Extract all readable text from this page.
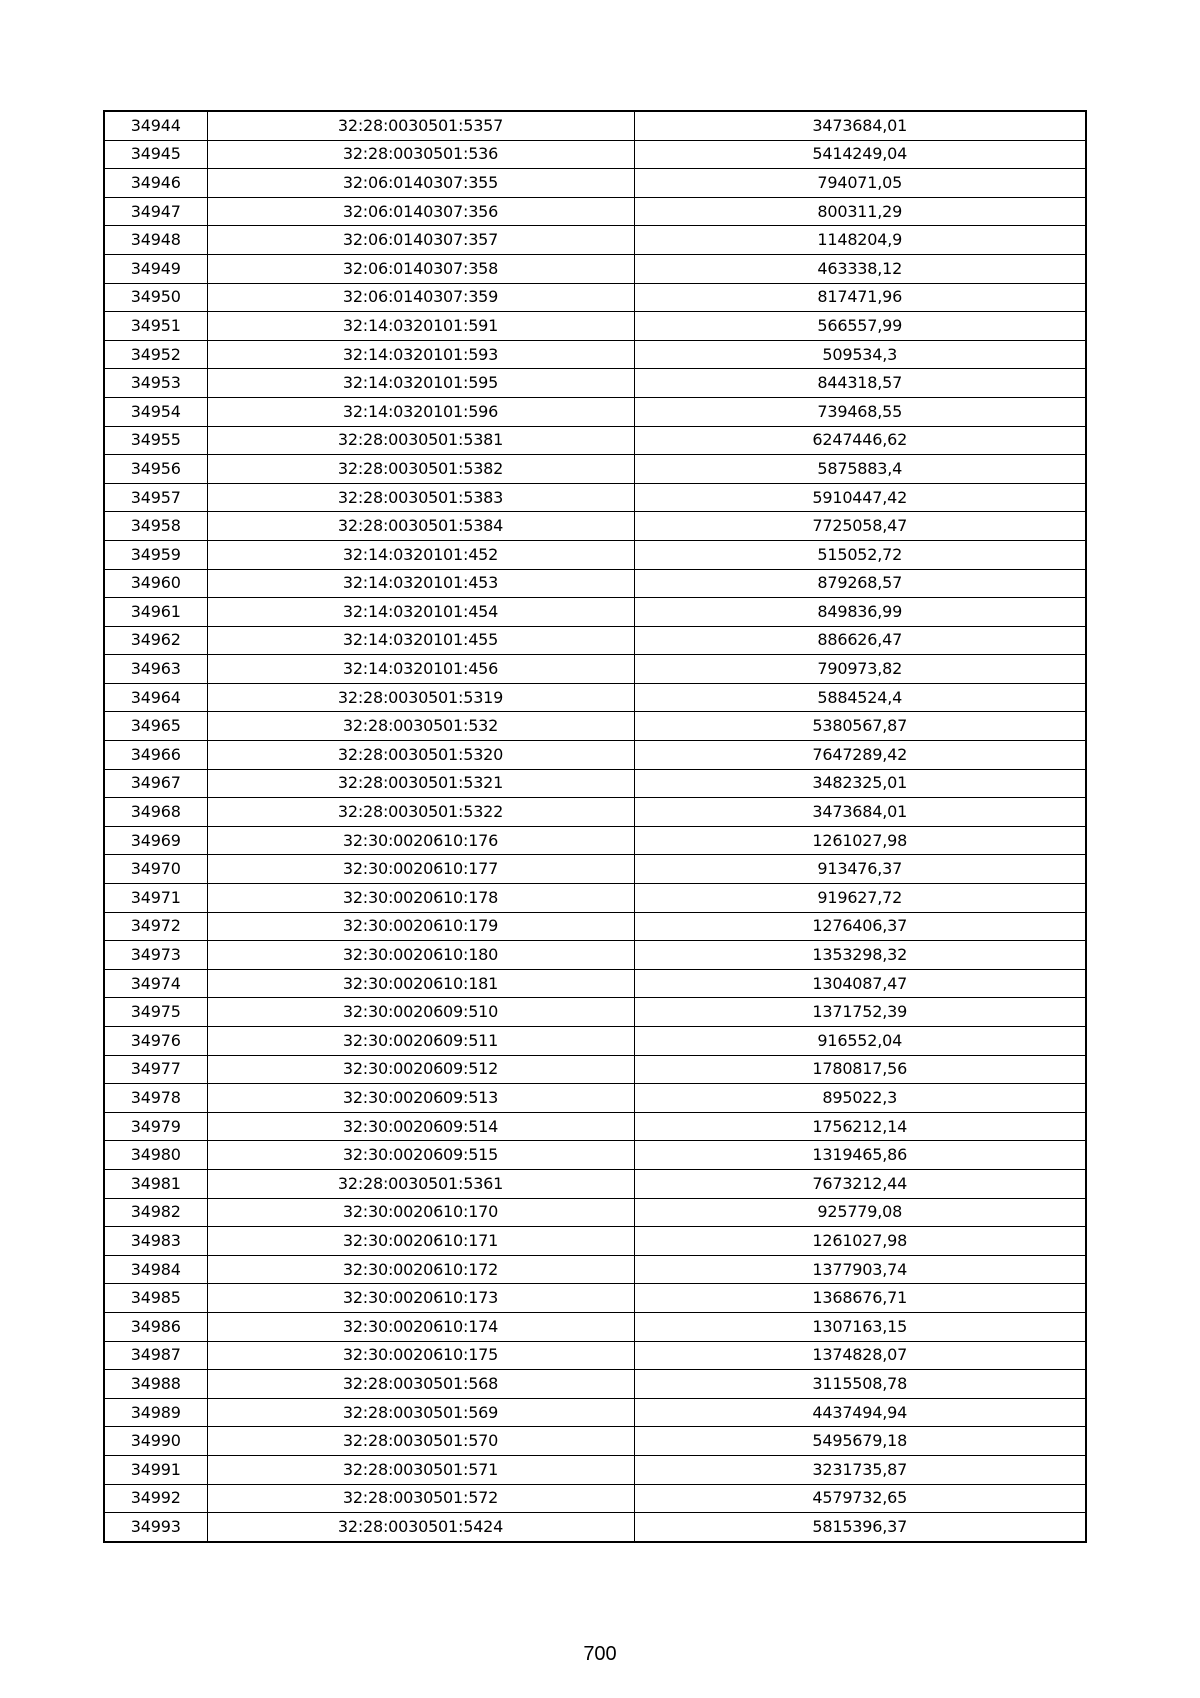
34944	32:28:0030501:5357	3473684,01
34945	32:28:0030501:536	5414249,04
34946	32:06:0140307:355	794071,05
34947	32:06:0140307:356	800311,29
34948	32:06:0140307:357	1148204,9
34949	32:06:0140307:358	463338,12
34950	32:06:0140307:359	817471,96
34951	32:14:0320101:591	566557,99
34952	32:14:0320101:593	509534,3
34953	32:14:0320101:595	844318,57
34954	32:14:0320101:596	739468,55
34955	32:28:0030501:5381	6247446,62
34956	32:28:0030501:5382	5875883,4
34957	32:28:0030501:5383	5910447,42
34958	32:28:0030501:5384	7725058,47
34959	32:14:0320101:452	515052,72
34960	32:14:0320101:453	879268,57
34961	32:14:0320101:454	849836,99
34962	32:14:0320101:455	886626,47
34963	32:14:0320101:456	790973,82
34964	32:28:0030501:5319	5884524,4
34965	32:28:0030501:532	5380567,87
34966	32:28:0030501:5320	7647289,42
34967	32:28:0030501:5321	3482325,01
34968	32:28:0030501:5322	3473684,01
34969	32:30:0020610:176	1261027,98
34970	32:30:0020610:177	913476,37
34971	32:30:0020610:178	919627,72
34972	32:30:0020610:179	1276406,37
34973	32:30:0020610:180	1353298,32
34974	32:30:0020610:181	1304087,47
34975	32:30:0020609:510	1371752,39
34976	32:30:0020609:511	916552,04
34977	32:30:0020609:512	1780817,56
34978	32:30:0020609:513	895022,3
34979	32:30:0020609:514	1756212,14
34980	32:30:0020609:515	1319465,86
34981	32:28:0030501:5361	7673212,44
34982	32:30:0020610:170	925779,08
34983	32:30:0020610:171	1261027,98
34984	32:30:0020610:172	1377903,74
34985	32:30:0020610:173	1368676,71
34986	32:30:0020610:174	1307163,15
34987	32:30:0020610:175	1374828,07
34988	32:28:0030501:568	3115508,78
34989	32:28:0030501:569	4437494,94
34990	32:28:0030501:570	5495679,18
34991	32:28:0030501:571	3231735,87
34992	32:28:0030501:572	4579732,65
34993	32:28:0030501:5424	5815396,37
700
